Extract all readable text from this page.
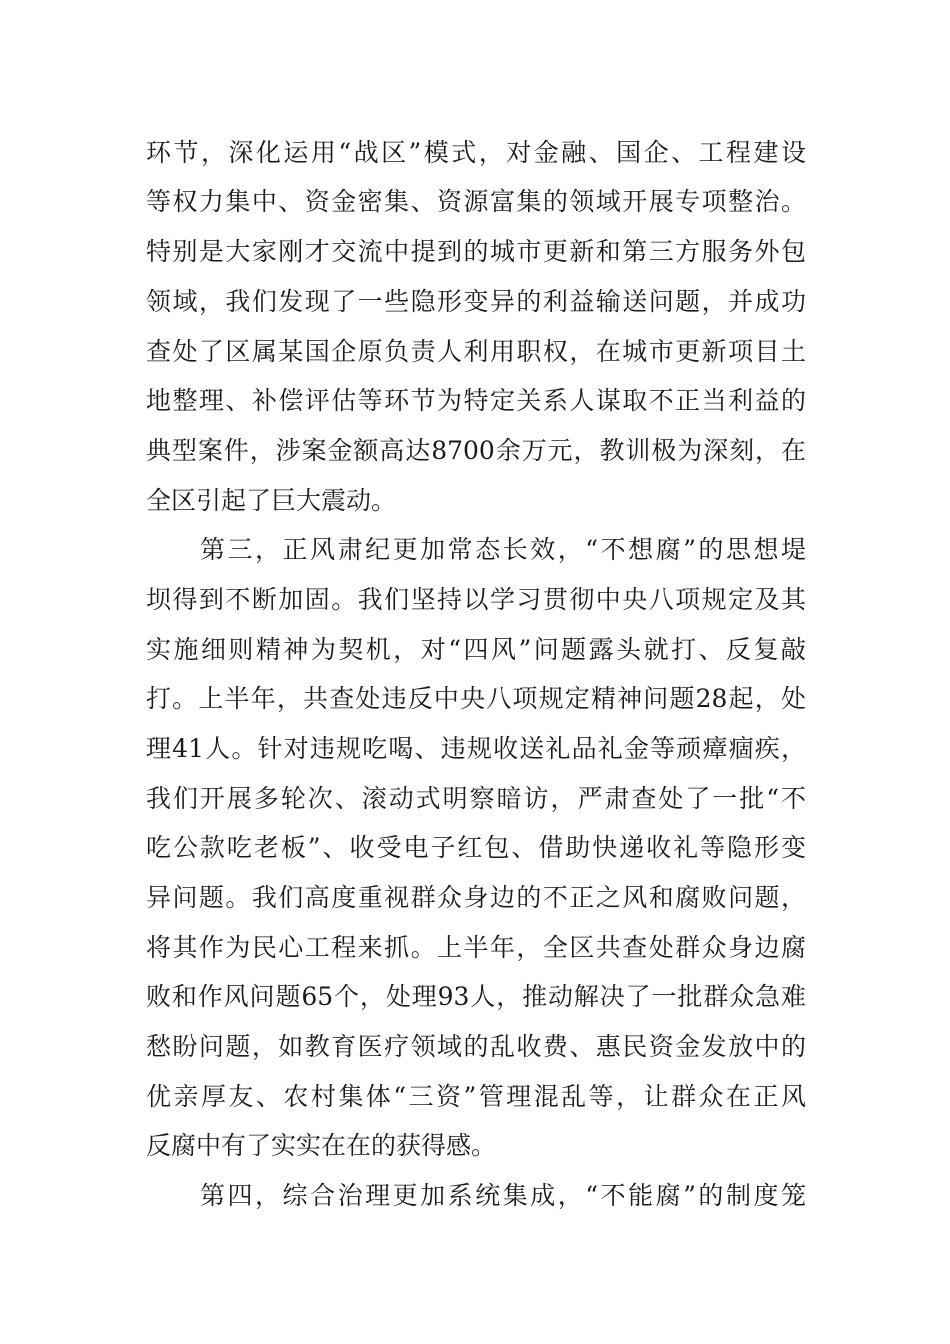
环节，深化运用“战区”模式，对金融、国企、工程建设
等权力集中、资金密集、资源富集的领域开展专项整治。
特别是大家刚才交流中提到的城市更新和第三方服务外包
领域，我们发现了一些隐形变异的利益输送问题，并成功
查处了区属某国企原负责人利用职权，在城市更新项目土
地整理、补偿评估等环节为特定关系人谋取不正当利益的
典型案件，涉案金额高达8700余万元，教训极为深刻，在
全区引起了巨大震动。
第三，正风肃纪更加常态长效，“不想腐”的思想堤
坝得到不断加固。我们坚持以学习贯彻中央八项规定及其
实施细则精神为契机，对“四风”问题露头就打、反复敲
打。上半年，共查处违反中央八项规定精神问题28起，处
理41人。针对违规吃喝、违规收送礼品礼金等顽瘴痼疾，
我们开展多轮次、滚动式明察暗访，严肃查处了一批“不
吃公款吃老板”、收受电子红包、借助快递收礼等隐形变
异问题。我们高度重视群众身边的不正之风和腐败问题，
将其作为民心工程来抓。上半年，全区共查处群众身边腐
败和作风问题65个，处理93人，推动解决了一批群众急难
愁盼问题，如教育医疗领域的乱收费、惠民资金发放中的
优亲厚友、农村集体“三资”管理混乱等，让群众在正风
反腐中有了实实在在的获得感。
第四，综合治理更加系统集成，“不能腐”的制度笼
